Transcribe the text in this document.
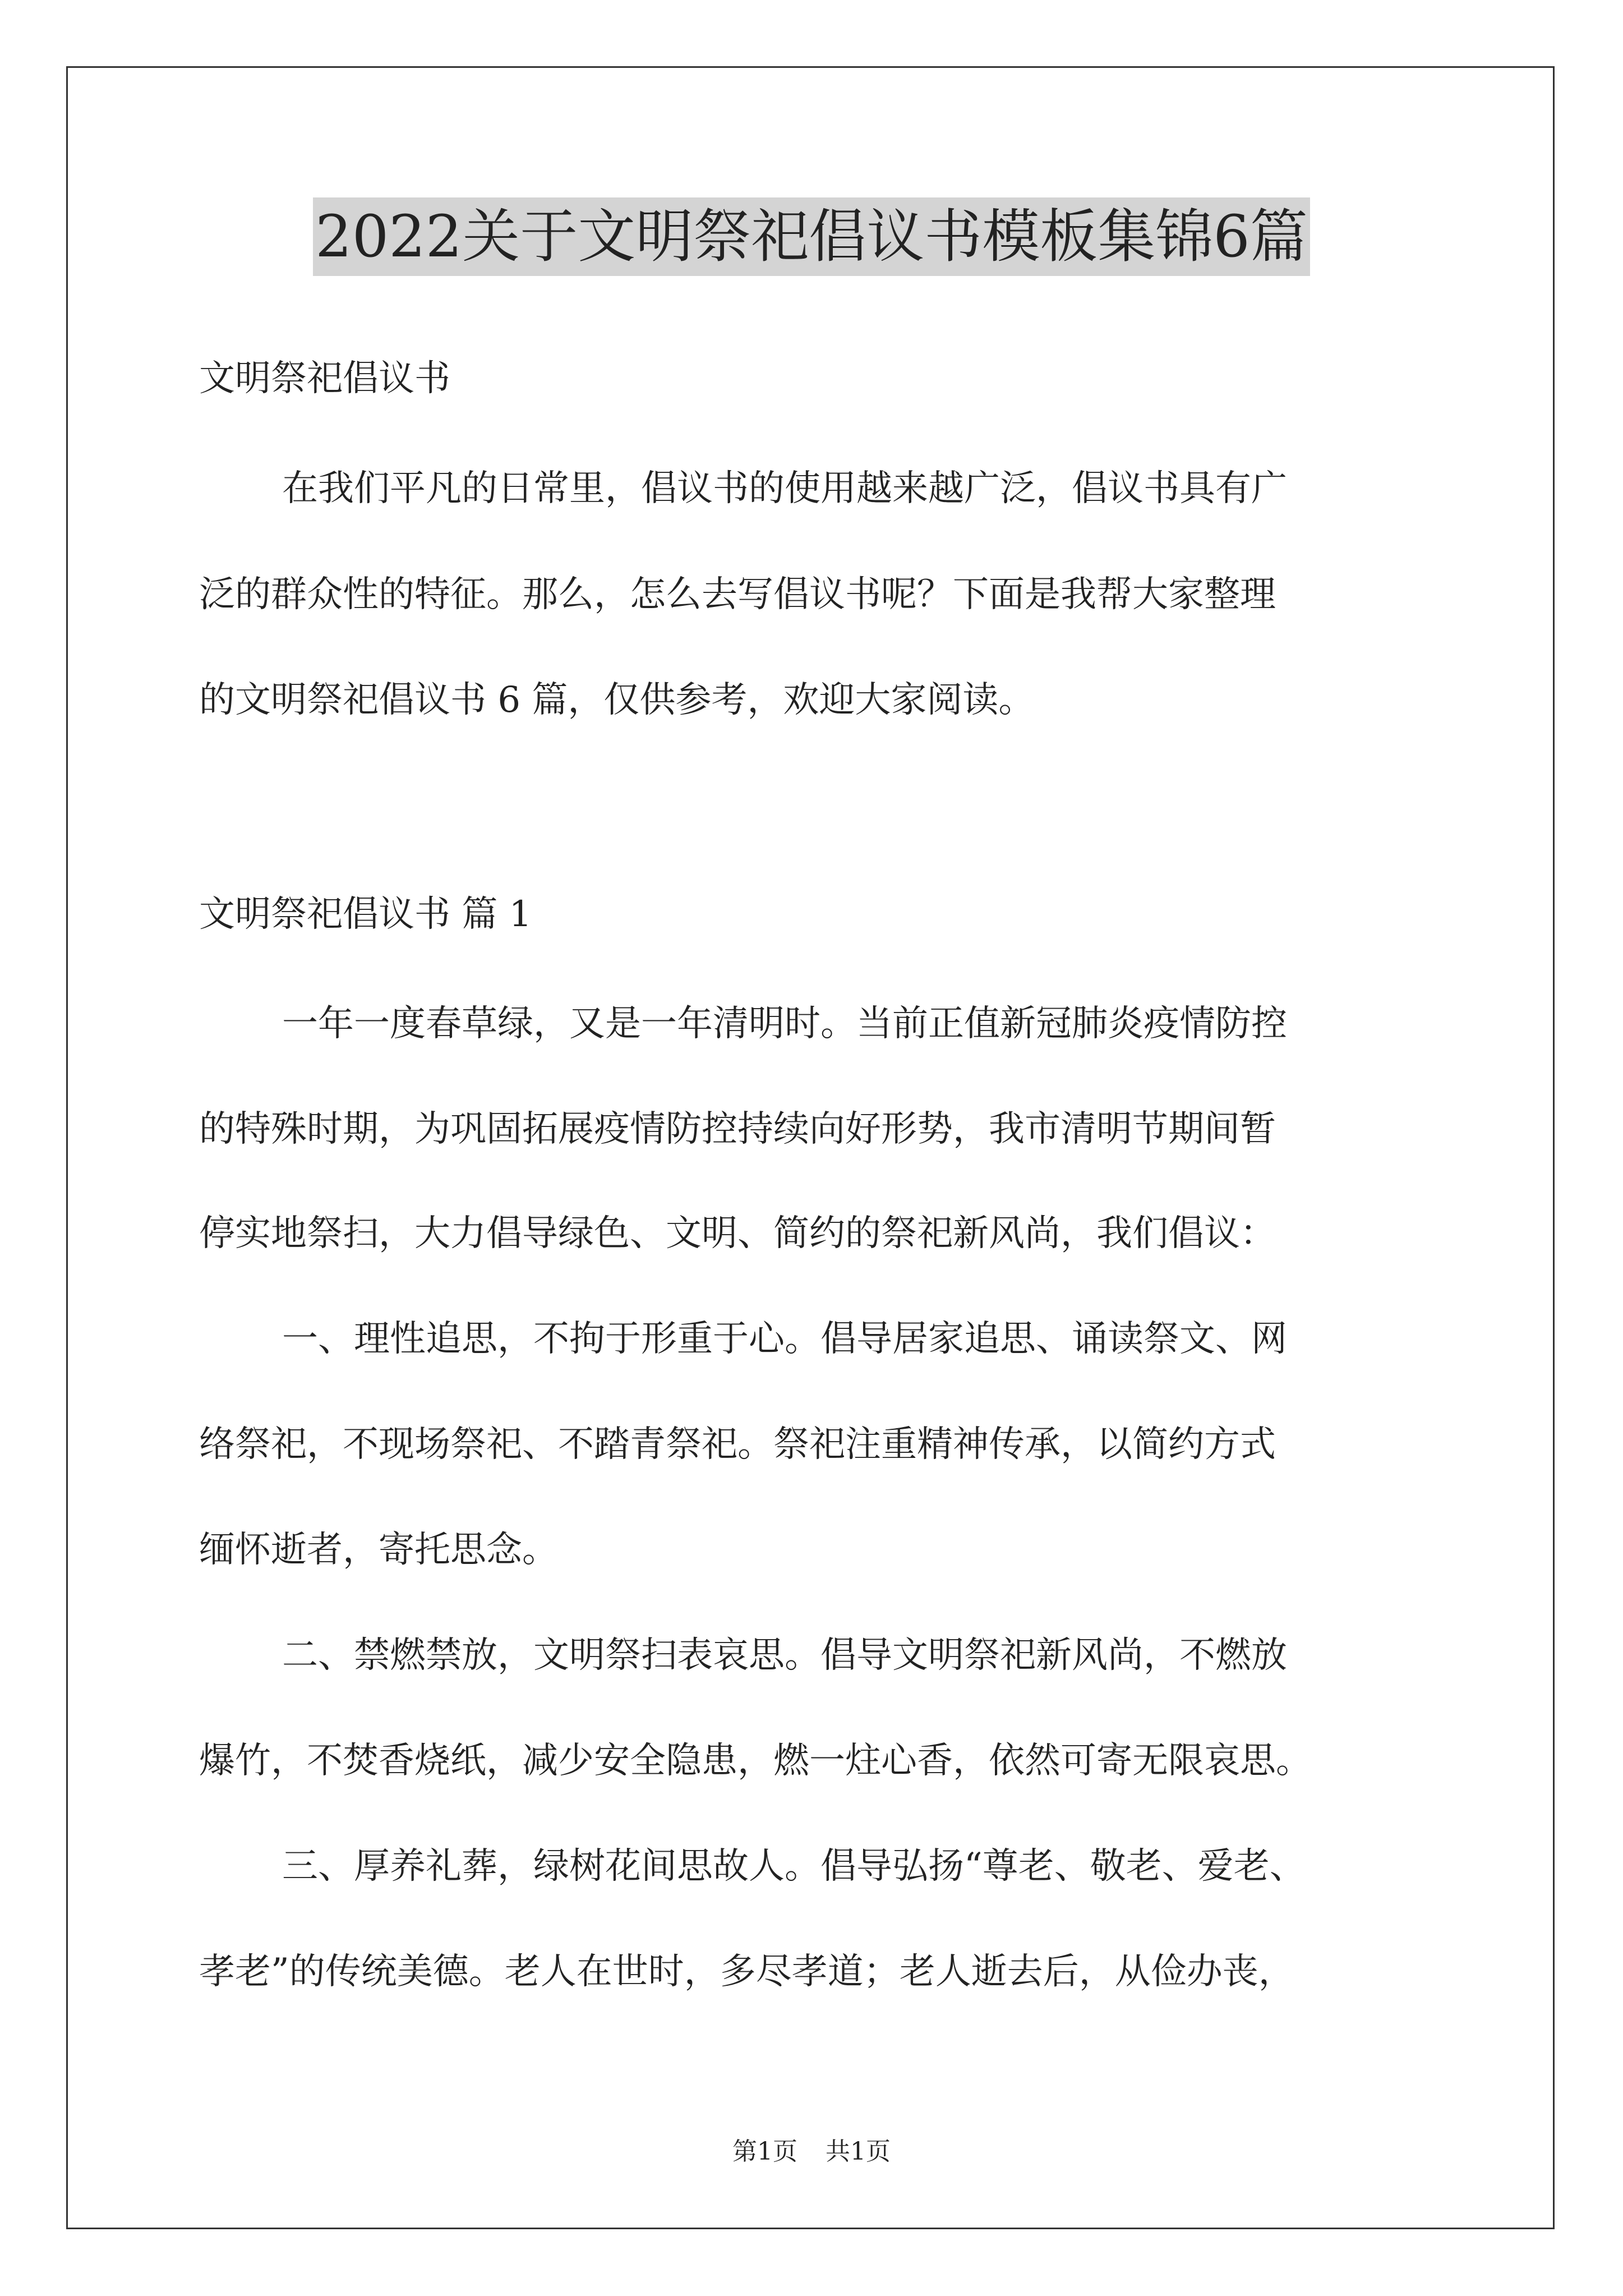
2022关于文明祭祀倡议书模板集锦6篇
文明祭祀倡议书
在我们平凡的日常里，倡议书的使用越来越广泛，倡议书具有广
泛的群众性的特征。那么，怎么去写倡议书呢？下面是我帮大家整理
的文明祭祀倡议书 6 篇，仅供参考，欢迎大家阅读。
文明祭祀倡议书 篇 1
一年一度春草绿，又是一年清明时。当前正值新冠肺炎疫情防控
的特殊时期，为巩固拓展疫情防控持续向好形势，我市清明节期间暂
停实地祭扫，大力倡导绿色、文明、简约的祭祀新风尚，我们倡议：
一、理性追思，不拘于形重于心。倡导居家追思、诵读祭文、网
络祭祀，不现场祭祀、不踏青祭祀。祭祀注重精神传承，以简约方式
缅怀逝者，寄托思念。
二、禁燃禁放，文明祭扫表哀思。倡导文明祭祀新风尚，不燃放
爆竹，不焚香烧纸，减少安全隐患，燃一炷心香，依然可寄无限哀思。
三、厚养礼葬，绿树花间思故人。倡导弘扬“尊老、敬老、爱老、
孝老”的传统美德。老人在世时，多尽孝道；老人逝去后，从俭办丧，
第1页 共1页
